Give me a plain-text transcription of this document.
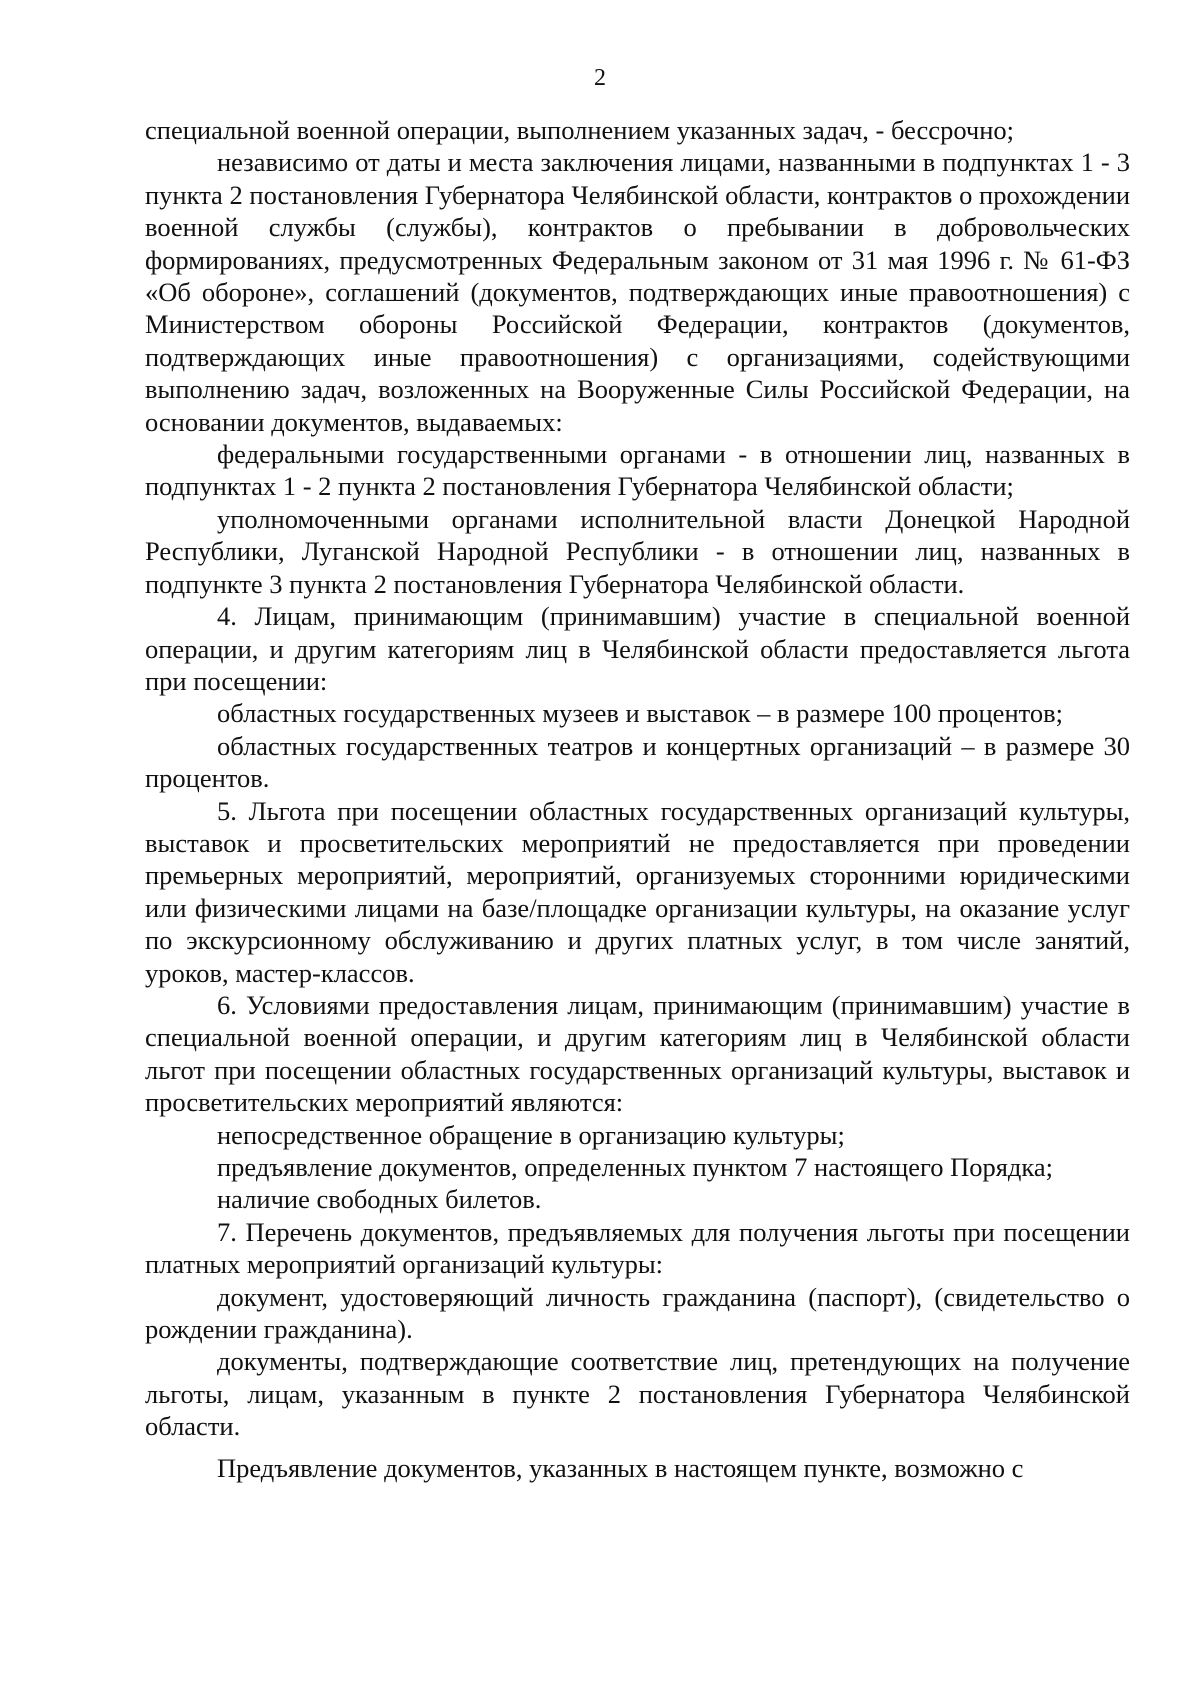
2

специальной военной операции, выполнением указанных задач, - бессрочно;

независимо от даты и места заключения лицами, названными в подпунктах 1 - 3 пункта 2 постановления Губернатора Челябинской области, контрактов о прохождении военной службы (службы), контрактов о пребывании в добровольческих формированиях, предусмотренных Федеральным законом от 31 мая 1996 г. № 61-ФЗ «Об обороне», соглашений (документов, подтверждающих иные правоотношения) с Министерством обороны Российской Федерации, контрактов (документов, подтверждающих иные правоотношения) с организациями, содействующими выполнению задач, возложенных на Вооруженные Силы Российской Федерации, на основании документов, выдаваемых:

федеральными государственными органами - в отношении лиц, названных в подпунктах 1 - 2 пункта 2 постановления Губернатора Челябинской области;

уполномоченными органами исполнительной власти Донецкой Народной Республики, Луганской Народной Республики - в отношении лиц, названных в подпункте 3 пункта 2 постановления Губернатора Челябинской области.

4. Лицам, принимающим (принимавшим) участие в специальной военной операции, и другим категориям лиц в Челябинской области предоставляется льгота при посещении:

областных государственных музеев и выставок – в размере 100 процентов;

областных государственных театров и концертных организаций – в размере 30 процентов.

5. Льгота при посещении областных государственных организаций культуры, выставок и просветительских мероприятий не предоставляется при проведении премьерных мероприятий, мероприятий, организуемых сторонними юридическими или физическими лицами на базе/площадке организации культуры, на оказание услуг по экскурсионному обслуживанию и других платных услуг, в том числе занятий, уроков, мастер-классов.

6. Условиями предоставления лицам, принимающим (принимавшим) участие в специальной военной операции, и другим категориям лиц в Челябинской области льгот при посещении областных государственных организаций культуры, выставок и просветительских мероприятий являются:

непосредственное обращение в организацию культуры;

предъявление документов, определенных пунктом 7 настоящего Порядка;

наличие свободных билетов.

7. Перечень документов, предъявляемых для получения льготы при посещении платных мероприятий организаций культуры:

документ, удостоверяющий личность гражданина (паспорт), (свидетельство о рождении гражданина).

документы, подтверждающие соответствие лиц, претендующих на получение льготы, лицам, указанным в пункте 2 постановления Губернатора Челябинской области.

Предъявление документов, указанных в настоящем пункте, возможно с
